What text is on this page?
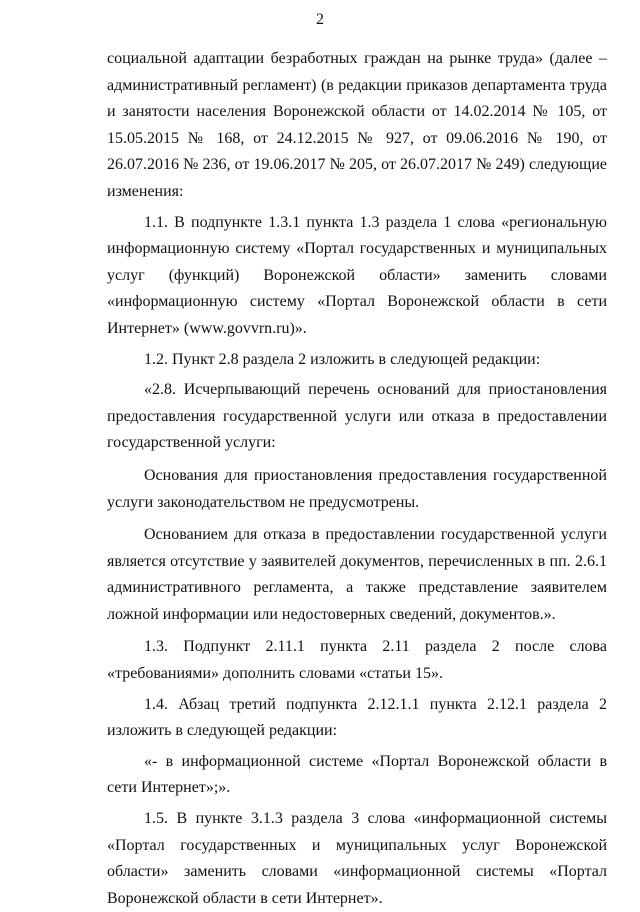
2

социальной адаптации безработных граждан на рынке труда» (далее – административный регламент) (в редакции приказов департамента труда и занятости населения Воронежской области от 14.02.2014 № 105, от 15.05.2015 № 168, от 24.12.2015 № 927, от 09.06.2016 № 190, от 26.07.2016 № 236, от 19.06.2017 № 205, от 26.07.2017 № 249) следующие изменения:

1.1. В подпункте 1.3.1 пункта 1.3 раздела 1 слова «региональную информационную систему «Портал государственных и муниципальных услуг (функций) Воронежской области» заменить словами «информационную систему «Портал Воронежской области в сети Интернет» (www.govvrn.ru)».

1.2. Пункт 2.8 раздела 2 изложить в следующей редакции:

«2.8. Исчерпывающий перечень оснований для приостановления предоставления государственной услуги или отказа в предоставлении государственной услуги:

Основания для приостановления предоставления государственной услуги законодательством не предусмотрены.

Основанием для отказа в предоставлении государственной услуги является отсутствие у заявителей документов, перечисленных в пп. 2.6.1 административного регламента, а также представление заявителем ложной информации или недостоверных сведений, документов.».

1.3. Подпункт 2.11.1 пункта 2.11 раздела 2 после слова «требованиями» дополнить словами «статьи 15».

1.4. Абзац третий подпункта 2.12.1.1 пункта 2.12.1 раздела 2 изложить в следующей редакции:

«- в информационной системе «Портал Воронежской области в сети Интернет»;».

1.5. В пункте 3.1.3 раздела 3 слова «информационной системы «Портал государственных и муниципальных услуг Воронежской области» заменить словами «информационной системы «Портал Воронежской области в сети Интернет».
